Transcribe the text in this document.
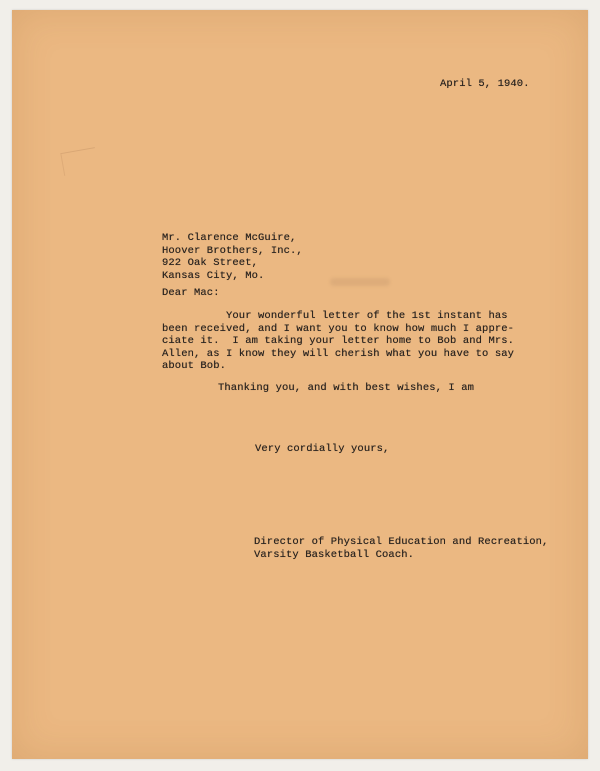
April 5, 1940.
Mr. Clarence McGuire,
Hoover Brothers, Inc.,
922 Oak Street,
Kansas City, Mo.
Dear Mac:
Your wonderful letter of the 1st instant has
been received, and I want you to know how much I appre-
ciate it.  I am taking your letter home to Bob and Mrs.
Allen, as I know they will cherish what you have to say
about Bob.
Thanking you, and with best wishes, I am
Very cordially yours,
Director of Physical Education and Recreation,
Varsity Basketball Coach.
